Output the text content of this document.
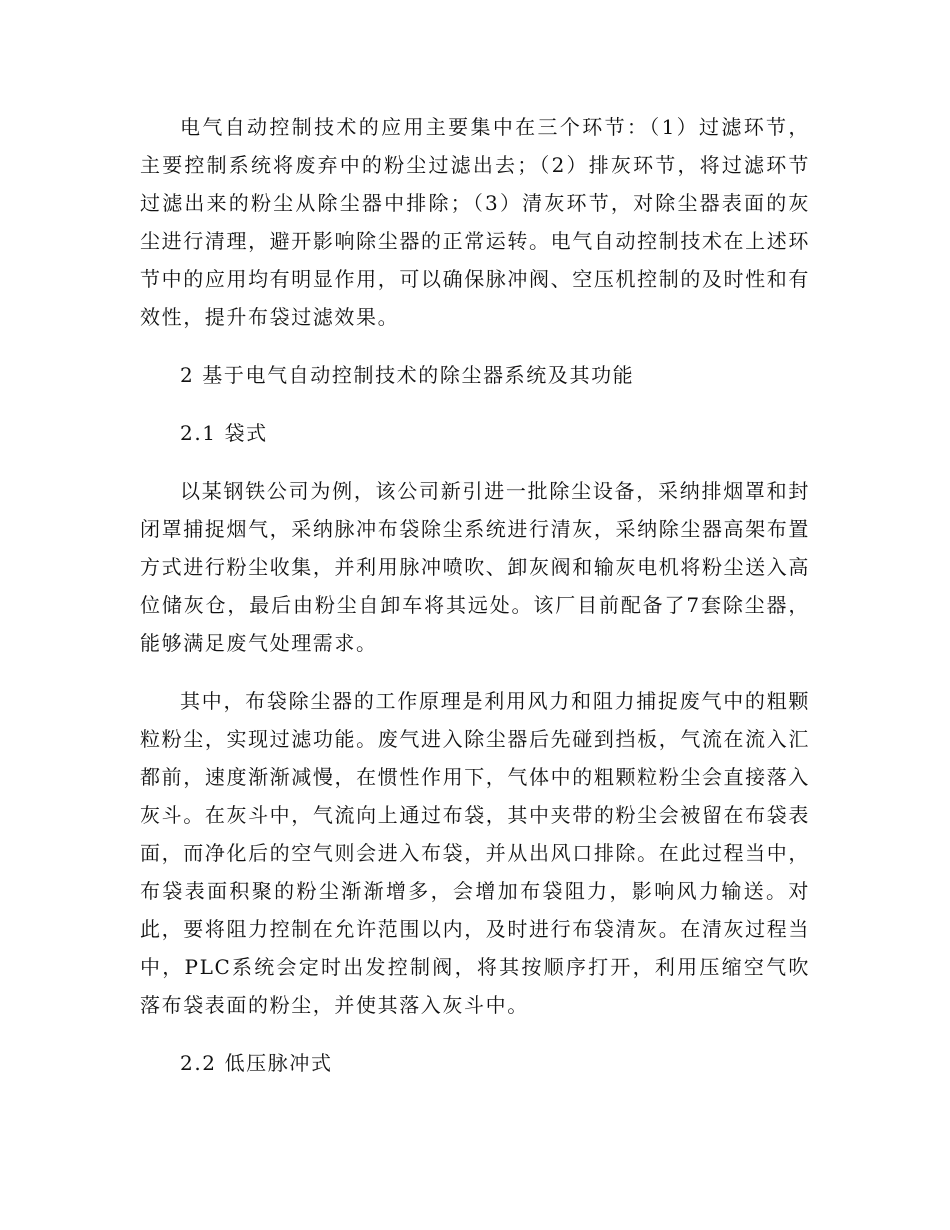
电气自动控制技术的应用主要集中在三个环节：（1）过滤环节，主要控制系统将废弃中的粉尘过滤出去；（2）排灰环节，将过滤环节过滤出来的粉尘从除尘器中排除；（3）清灰环节，对除尘器表面的灰尘进行清理，避开影响除尘器的正常运转。电气自动控制技术在上述环节中的应用均有明显作用，可以确保脉冲阀、空压机控制的及时性和有效性，提升布袋过滤效果。

2 基于电气自动控制技术的除尘器系统及其功能

2.1 袋式

以某钢铁公司为例，该公司新引进一批除尘设备，采纳排烟罩和封闭罩捕捉烟气，采纳脉冲布袋除尘系统进行清灰，采纳除尘器高架布置方式进行粉尘收集，并利用脉冲喷吹、卸灰阀和输灰电机将粉尘送入高位储灰仓，最后由粉尘自卸车将其远处。该厂目前配备了7套除尘器，能够满足废气处理需求。

其中，布袋除尘器的工作原理是利用风力和阻力捕捉废气中的粗颗粒粉尘，实现过滤功能。废气进入除尘器后先碰到挡板，气流在流入汇都前，速度渐渐减慢，在惯性作用下，气体中的粗颗粒粉尘会直接落入灰斗。在灰斗中，气流向上通过布袋，其中夹带的粉尘会被留在布袋表面，而净化后的空气则会进入布袋，并从出风口排除。在此过程当中，布袋表面积聚的粉尘渐渐增多，会增加布袋阻力，影响风力输送。对此，要将阻力控制在允许范围以内，及时进行布袋清灰。在清灰过程当中，PLC系统会定时出发控制阀，将其按顺序打开，利用压缩空气吹落布袋表面的粉尘，并使其落入灰斗中。

2.2 低压脉冲式
